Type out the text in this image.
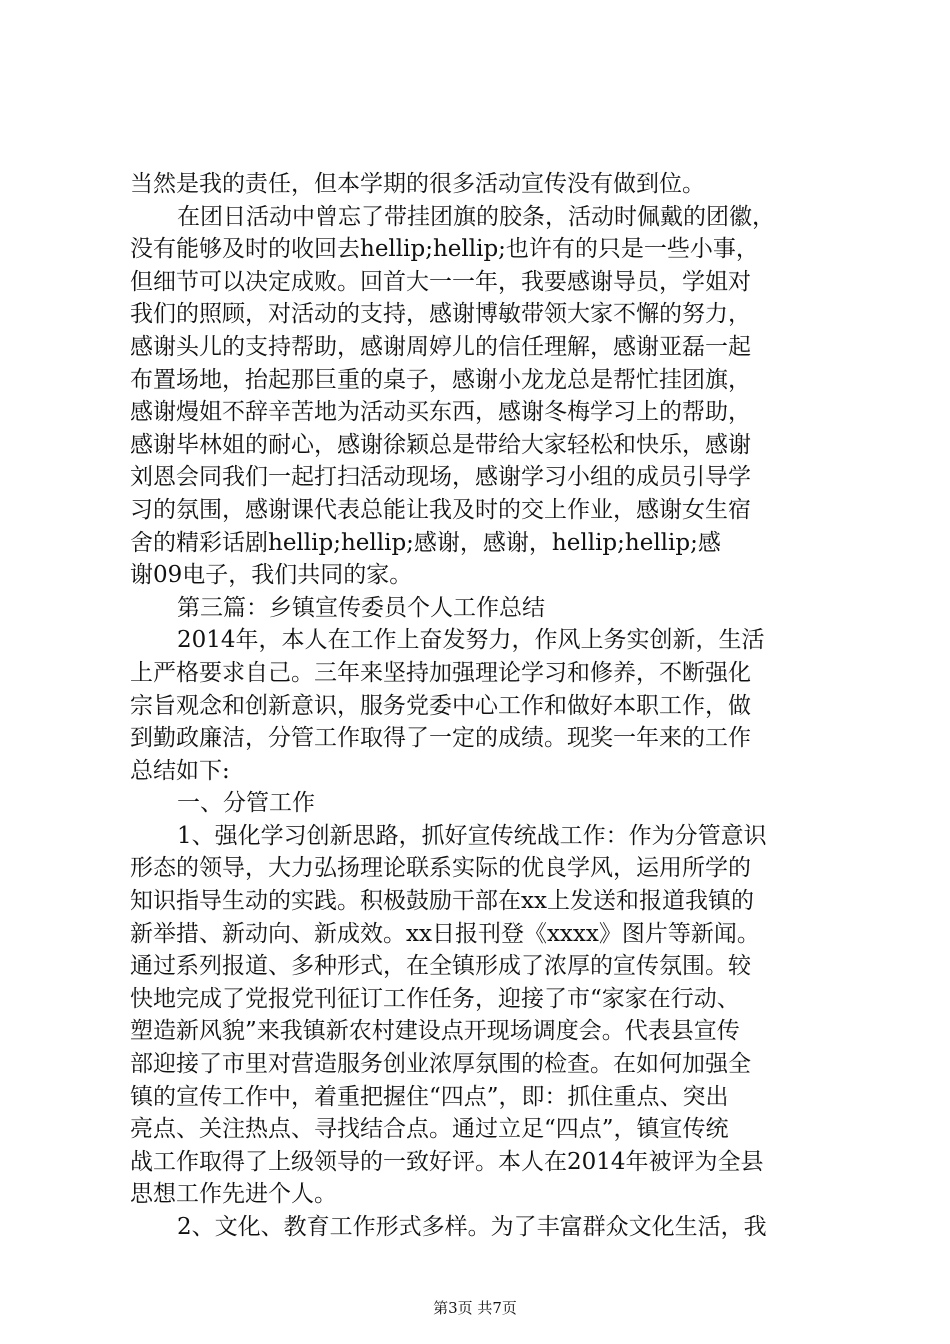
当然是我的责任，但本学期的很多活动宣传没有做到位。
在团日活动中曾忘了带挂团旗的胶条，活动时佩戴的团徽，
没有能够及时的收回去hellip;hellip;也许有的只是一些小事，
但细节可以决定成败。回首大一一年，我要感谢导员，学姐对
我们的照顾，对活动的支持，感谢博敏带领大家不懈的努力，
感谢头儿的支持帮助，感谢周婷儿的信任理解，感谢亚磊一起
布置场地，抬起那巨重的桌子，感谢小龙龙总是帮忙挂团旗，
感谢熳姐不辞辛苦地为活动买东西，感谢冬梅学习上的帮助，
感谢毕林姐的耐心，感谢徐颖总是带给大家轻松和快乐，感谢
刘恩会同我们一起打扫活动现场，感谢学习小组的成员引导学
习的氛围，感谢课代表总能让我及时的交上作业，感谢女生宿
舍的精彩话剧hellip;hellip;感谢，感谢，hellip;hellip;感
谢09电子，我们共同的家。
第三篇：乡镇宣传委员个人工作总结
2014年，本人在工作上奋发努力，作风上务实创新，生活
上严格要求自己。三年来坚持加强理论学习和修养，不断强化
宗旨观念和创新意识，服务党委中心工作和做好本职工作，做
到勤政廉洁，分管工作取得了一定的成绩。现奖一年来的工作
总结如下:
一、分管工作
1、强化学习创新思路，抓好宣传统战工作：作为分管意识
形态的领导，大力弘扬理论联系实际的优良学风，运用所学的
知识指导生动的实践。积极鼓励干部在xx上发送和报道我镇的
新举措、新动向、新成效。xx日报刊登《xxxx》图片等新闻。
通过系列报道、多种形式，在全镇形成了浓厚的宣传氛围。较
快地完成了党报党刊征订工作任务，迎接了市“家家在行动、
塑造新风貌”来我镇新农村建设点开现场调度会。代表县宣传
部迎接了市里对营造服务创业浓厚氛围的检查。在如何加强全
镇的宣传工作中，着重把握住“四点”，即：抓住重点、突出
亮点、关注热点、寻找结合点。通过立足“四点”，镇宣传统
战工作取得了上级领导的一致好评。本人在2014年被评为全县
思想工作先进个人。
2、文化、教育工作形式多样。为了丰富群众文化生活，我
第3页 共7页
